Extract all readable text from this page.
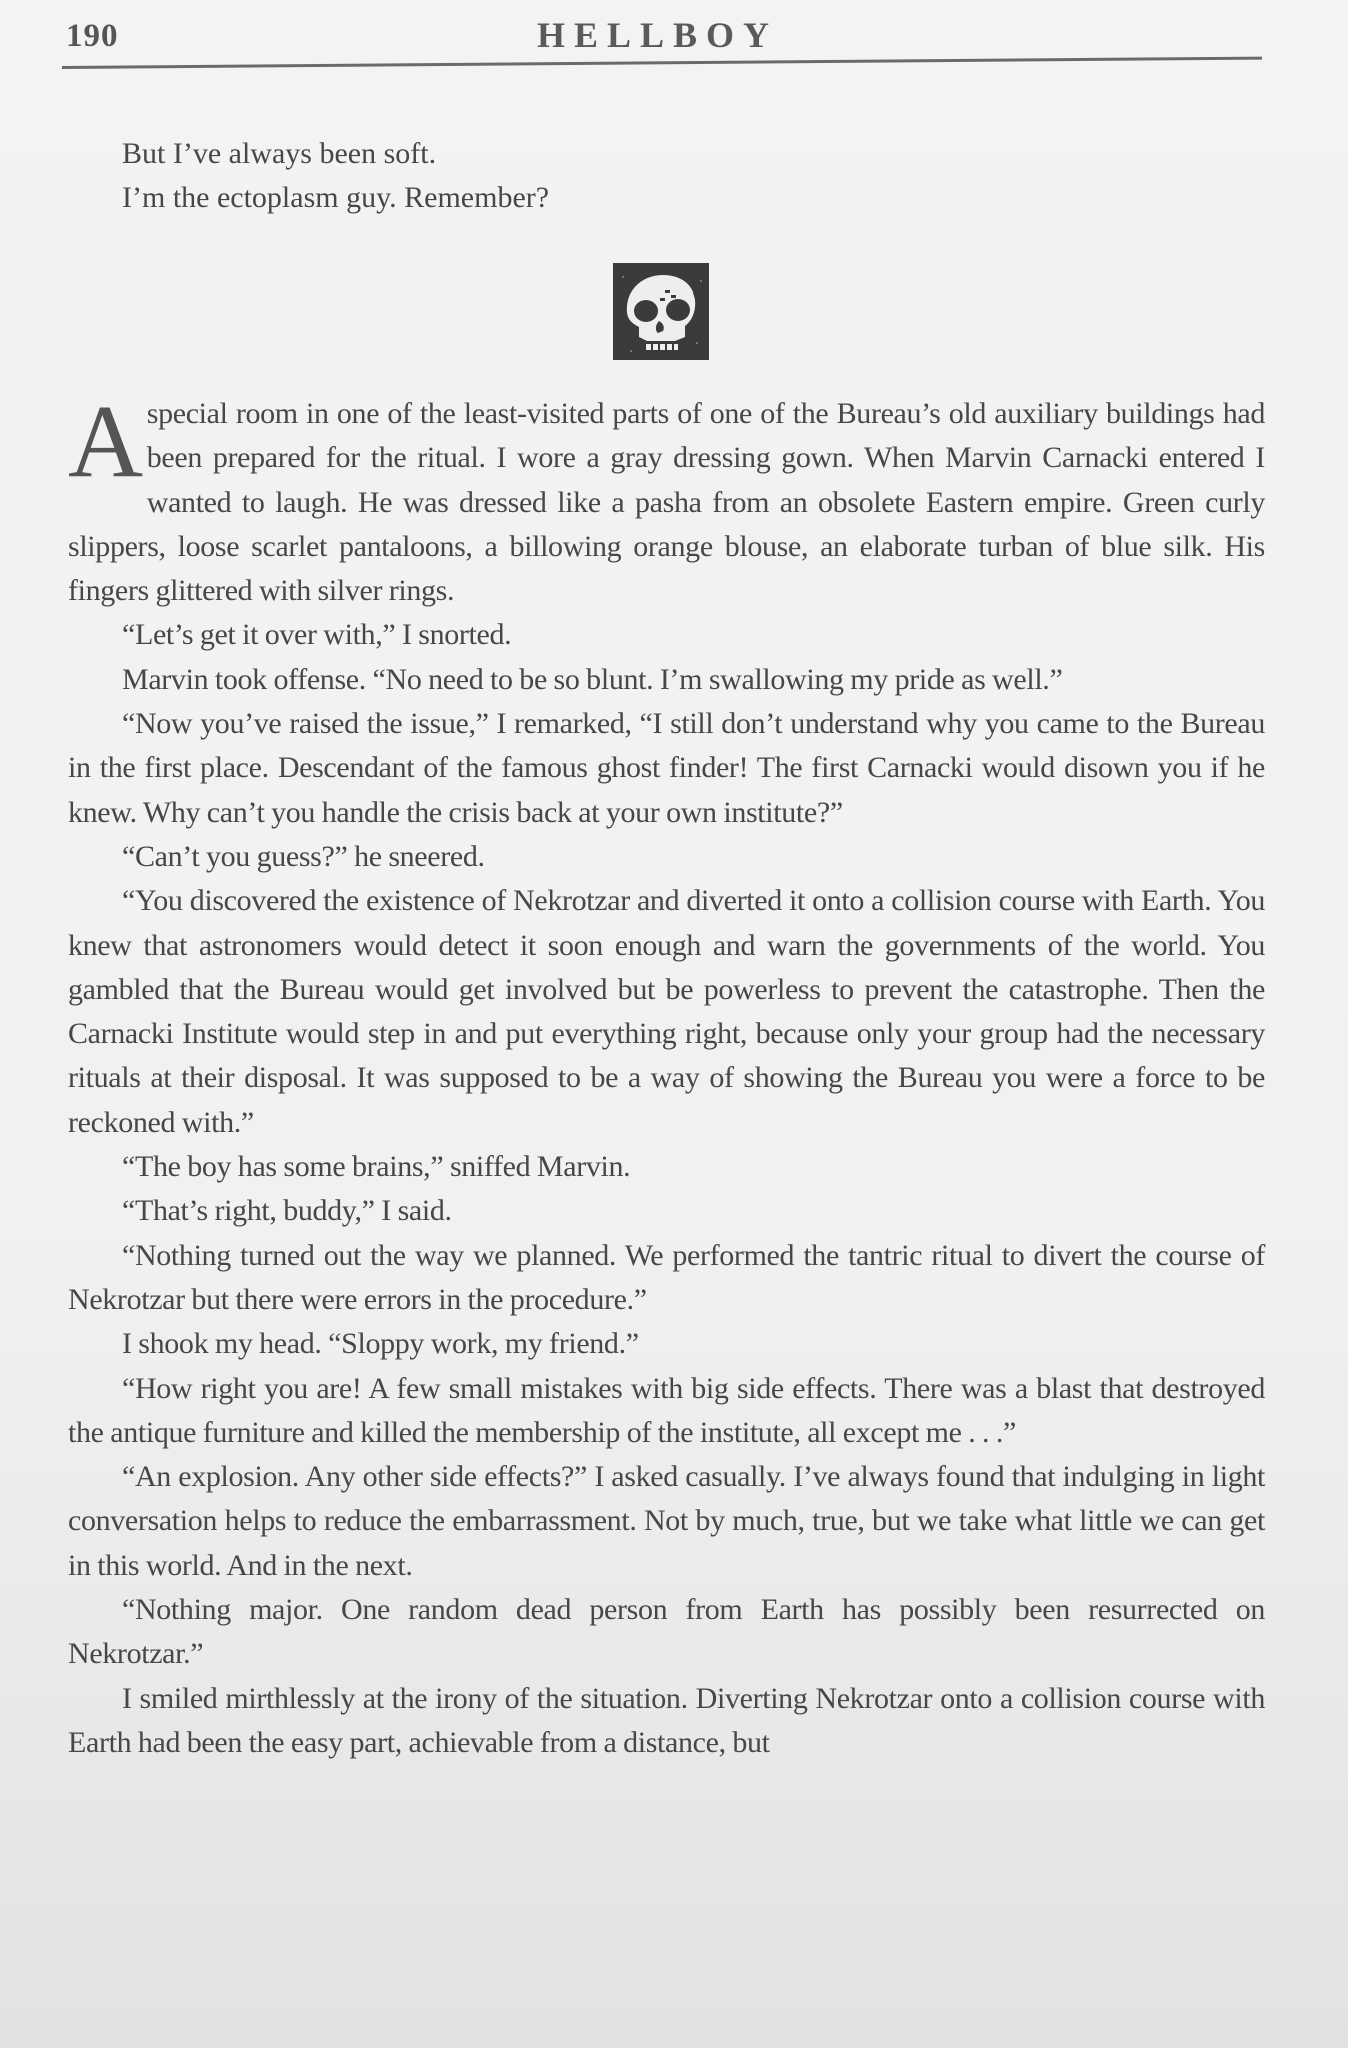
190	HELLBOY
But I’ve always been soft.
I’m the ectoplasm guy. Remember?

A special room in one of the least-visited parts of one of the Bureau’s old auxiliary buildings had been prepared for the ritual. I wore a gray dressing gown. When Marvin Carnacki entered I wanted to laugh. He was dressed like a pasha from an obsolete Eastern empire. Green curly slippers, loose scarlet pantaloons, a billowing orange blouse, an elaborate turban of blue silk. His fingers glittered with silver rings.

“Let’s get it over with,” I snorted.

Marvin took offense. “No need to be so blunt. I’m swallowing my pride as well.”

“Now you’ve raised the issue,” I remarked, “I still don’t understand why you came to the Bureau in the first place. Descendant of the famous ghost finder! The first Carnacki would disown you if he knew. Why can’t you handle the crisis back at your own institute?”

“Can’t you guess?” he sneered.

“You discovered the existence of Nekrotzar and diverted it onto a collision course with Earth. You knew that astronomers would detect it soon enough and warn the governments of the world. You gambled that the Bureau would get involved but be powerless to prevent the catastrophe. Then the Carnacki Institute would step in and put everything right, because only your group had the necessary rituals at their disposal. It was supposed to be a way of showing the Bureau you were a force to be reckoned with.”

“The boy has some brains,” sniffed Marvin.

“That’s right, buddy,” I said.

“Nothing turned out the way we planned. We performed the tantric ritual to divert the course of Nekrotzar but there were errors in the procedure.”

I shook my head. “Sloppy work, my friend.”

“How right you are! A few small mistakes with big side effects. There was a blast that destroyed the antique furniture and killed the membership of the institute, all except me . . .”

“An explosion. Any other side effects?” I asked casually. I’ve always found that indulging in light conversation helps to reduce the embarrassment. Not by much, true, but we take what little we can get in this world. And in the next.

“Nothing major. One random dead person from Earth has possibly been resurrected on Nekrotzar.”

I smiled mirthlessly at the irony of the situation. Diverting Nekrotzar onto a collision course with Earth had been the easy part, achievable from a distance, but
